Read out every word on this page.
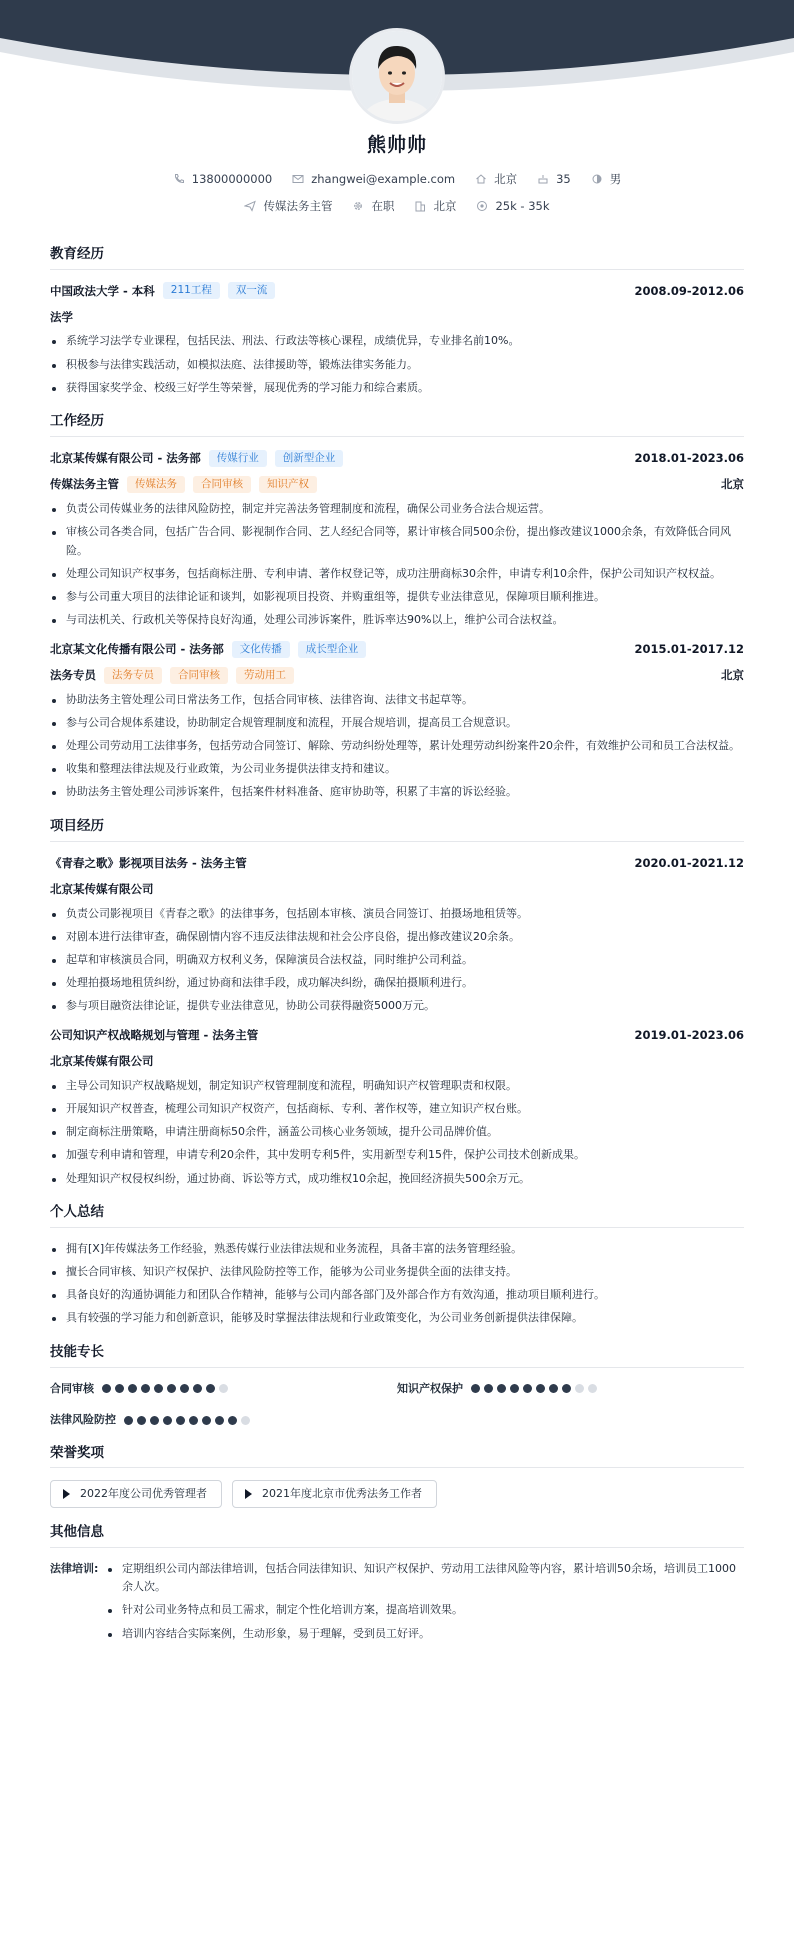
熊帅帅
13800000000	zhangwei@example.com	北京	35	男
传媒法务主管	在职	北京	25k - 35k
教育经历
中国政法大学 - 本科	211工程	双一流	2008.09-2012.06
法学
系统学习法学专业课程，包括民法、刑法、行政法等核心课程，成绩优异，专业排名前10%。
积极参与法律实践活动，如模拟法庭、法律援助等，锻炼法律实务能力。
获得国家奖学金、校级三好学生等荣誉，展现优秀的学习能力和综合素质。
工作经历
北京某传媒有限公司 - 法务部	传媒行业	创新型企业	2018.01-2023.06
传媒法务主管	传媒法务	合同审核	知识产权	北京
负责公司传媒业务的法律风险防控，制定并完善法务管理制度和流程，确保公司业务合法合规运营。
审核公司各类合同，包括广告合同、影视制作合同、艺人经纪合同等，累计审核合同500余份，提出修改建议1000余条，有效降低合同风险。
处理公司知识产权事务，包括商标注册、专利申请、著作权登记等，成功注册商标30余件，申请专利10余件，保护公司知识产权权益。
参与公司重大项目的法律论证和谈判，如影视项目投资、并购重组等，提供专业法律意见，保障项目顺利推进。
与司法机关、行政机关等保持良好沟通，处理公司涉诉案件，胜诉率达90%以上，维护公司合法权益。
北京某文化传播有限公司 - 法务部	文化传播	成长型企业	2015.01-2017.12
法务专员	法务专员	合同审核	劳动用工	北京
协助法务主管处理公司日常法务工作，包括合同审核、法律咨询、法律文书起草等。
参与公司合规体系建设，协助制定合规管理制度和流程，开展合规培训，提高员工合规意识。
处理公司劳动用工法律事务，包括劳动合同签订、解除、劳动纠纷处理等，累计处理劳动纠纷案件20余件，有效维护公司和员工合法权益。
收集和整理法律法规及行业政策，为公司业务提供法律支持和建议。
协助法务主管处理公司涉诉案件，包括案件材料准备、庭审协助等，积累了丰富的诉讼经验。
项目经历
《青春之歌》影视项目法务 - 法务主管	2020.01-2021.12
北京某传媒有限公司
负责公司影视项目《青春之歌》的法律事务，包括剧本审核、演员合同签订、拍摄场地租赁等。
对剧本进行法律审查，确保剧情内容不违反法律法规和社会公序良俗，提出修改建议20余条。
起草和审核演员合同，明确双方权利义务，保障演员合法权益，同时维护公司利益。
处理拍摄场地租赁纠纷，通过协商和法律手段，成功解决纠纷，确保拍摄顺利进行。
参与项目融资法律论证，提供专业法律意见，协助公司获得融资5000万元。
公司知识产权战略规划与管理 - 法务主管	2019.01-2023.06
北京某传媒有限公司
主导公司知识产权战略规划，制定知识产权管理制度和流程，明确知识产权管理职责和权限。
开展知识产权普查，梳理公司知识产权资产，包括商标、专利、著作权等，建立知识产权台账。
制定商标注册策略，申请注册商标50余件，涵盖公司核心业务领域，提升公司品牌价值。
加强专利申请和管理，申请专利20余件，其中发明专利5件，实用新型专利15件，保护公司技术创新成果。
处理知识产权侵权纠纷，通过协商、诉讼等方式，成功维权10余起，挽回经济损失500余万元。
个人总结
拥有[X]年传媒法务工作经验，熟悉传媒行业法律法规和业务流程，具备丰富的法务管理经验。
擅长合同审核、知识产权保护、法律风险防控等工作，能够为公司业务提供全面的法律支持。
具备良好的沟通协调能力和团队合作精神，能够与公司内部各部门及外部合作方有效沟通，推动项目顺利进行。
具有较强的学习能力和创新意识，能够及时掌握法律法规和行业政策变化，为公司业务创新提供法律保障。
技能专长
合同审核	知识产权保护
法律风险防控
荣誉奖项
2022年度公司优秀管理者	2021年度北京市优秀法务工作者
其他信息
法律培训:	定期组织公司内部法律培训，包括合同法律知识、知识产权保护、劳动用工法律风险等内容，累计培训50余场，培训员工1000余人次。
针对公司业务特点和员工需求，制定个性化培训方案，提高培训效果。
培训内容结合实际案例，生动形象，易于理解，受到员工好评。
